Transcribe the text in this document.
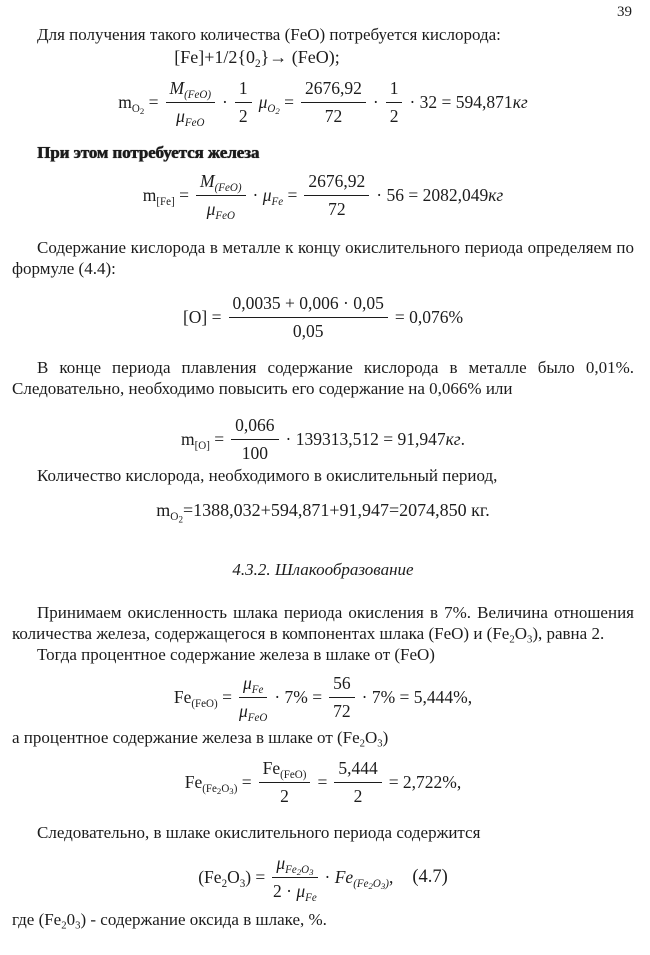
39

Для получения такого количества (FeO) потребуется кислорода:

$[Fe]+1/2\{0_2\}\to (FeO)$;
$m_{O_2} = \frac{M_{(FeO)}}{\mu_{FeO}} \cdot \frac{1}{2} \mu_{O_2} = \frac{2676,92}{72} \cdot \frac{1}{2} \cdot 32 = 594,871кг$

При этом потребуется железа

$m_{[Fe]} = \frac{M_{(FeO)}}{\mu_{FeO}} \cdot \mu_{Fe} = \frac{2676,92}{72} \cdot 56 = 2082,049кг$

Содержание кислорода в металле к концу окислительного периода определяем по формуле (4.4):

$[O] = \frac{0,0035 + 0,006 \cdot 0,05}{0,05} = 0,076\%$

В конце периода плавления содержание кислорода в металле было 0,01%. Следовательно, необходимо повысить его содержание на 0,066% или

$m_{[O]} = \frac{0,066}{100} \cdot 139313,512 = 91,947кг$.

Количество кислорода, необходимого в окислительный период,

$m_{O_2}=1388,032+594,871+91,947=2074,850$ кг.
4.3.2. Шлакообразование

Принимаем окисленность шлака периода окисления в 7%. Величина отношения количества железа, содержащегося в компонентах шлака (FeO) и $(Fe_2O_3)$, равна 2.

Тогда процентное содержание железа в шлаке от (FeO)

$Fe_{(FeO)} = \frac{\mu_{Fe}}{\mu_{FeO}} \cdot 7\% = \frac{56}{72} \cdot 7\% = 5,444\%$,

а процентное содержание железа в шлаке от $(Fe_2O_3)$

$Fe_{(Fe_2O_3)} = \frac{Fe_{(FeO)}}{2} = \frac{5,444}{2} = 2,722\%$,

Следовательно, в шлаке окислительного периода содержится

$(Fe_2O_3) = \frac{\mu_{Fe_2O_3}}{2 \cdot \mu_{Fe}} \cdot Fe_{(Fe_2O_3)}$, (4.7)

где $(Fe_20_3)$ - содержание оксида в шлаке, %.
